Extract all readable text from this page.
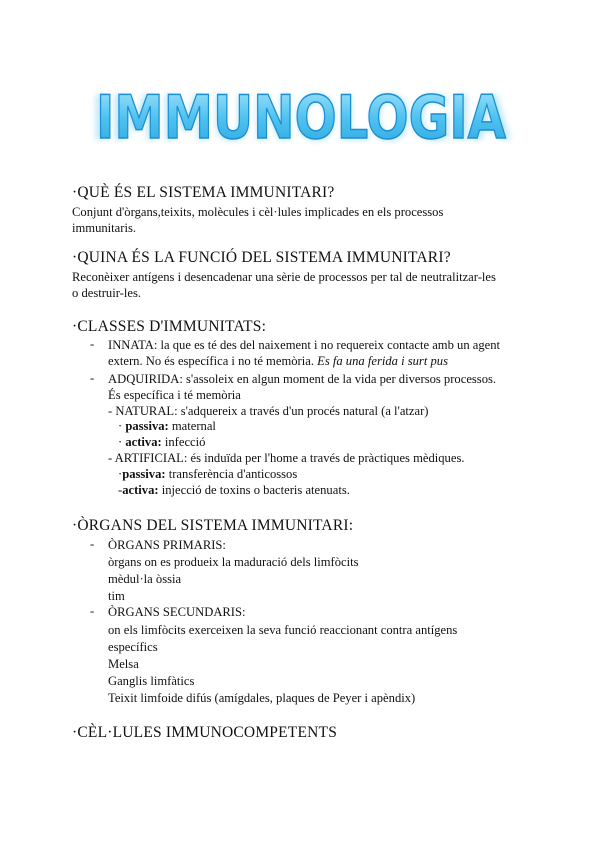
IMMUNOLOGIA
IMMUNOLOGIA
·QUÈ ÉS EL SISTEMA IMMUNITARI?
Conjunt d'òrgans,teixits, molècules i cèl·lules implicades en els processos
immunitaris.
·QUINA ÉS LA FUNCIÓ DEL SISTEMA IMMUNITARI?
Reconèixer antígens i desencadenar una sèrie de processos per tal de neutralitzar-les
o destruir-les.
·CLASSES D'IMMUNITATS:
- INNATA: la que es té des del naixement i no requereix contacte amb un agent
extern. No és específica i no té memòria. Es fa una ferida i surt pus
- ADQUIRIDA: s'assoleix en algun moment de la vida per diversos processos.
És específica i té memòria
- NATURAL: s'adquereix a través d'un procés natural (a l'atzar)
· passiva: maternal
· activa: infecció
- ARTIFICIAL: és induïda per l'home a través de pràctiques mèdiques.
·passiva: transferència d'anticossos
-activa: injecció de toxins o bacteris atenuats.
·ÒRGANS DEL SISTEMA IMMUNITARI:
- ÒRGANS PRIMARIS:
òrgans on es produeix la maduració dels limfòcits
mèdul·la òssia
tim
- ÒRGANS SECUNDARIS:
on els limfòcits exerceixen la seva funció reaccionant contra antígens
específics
Melsa
Ganglis limfàtics
Teixit limfoide difús (amígdales, plaques de Peyer i apèndix)
·CÈL·LULES IMMUNOCOMPETENTS
